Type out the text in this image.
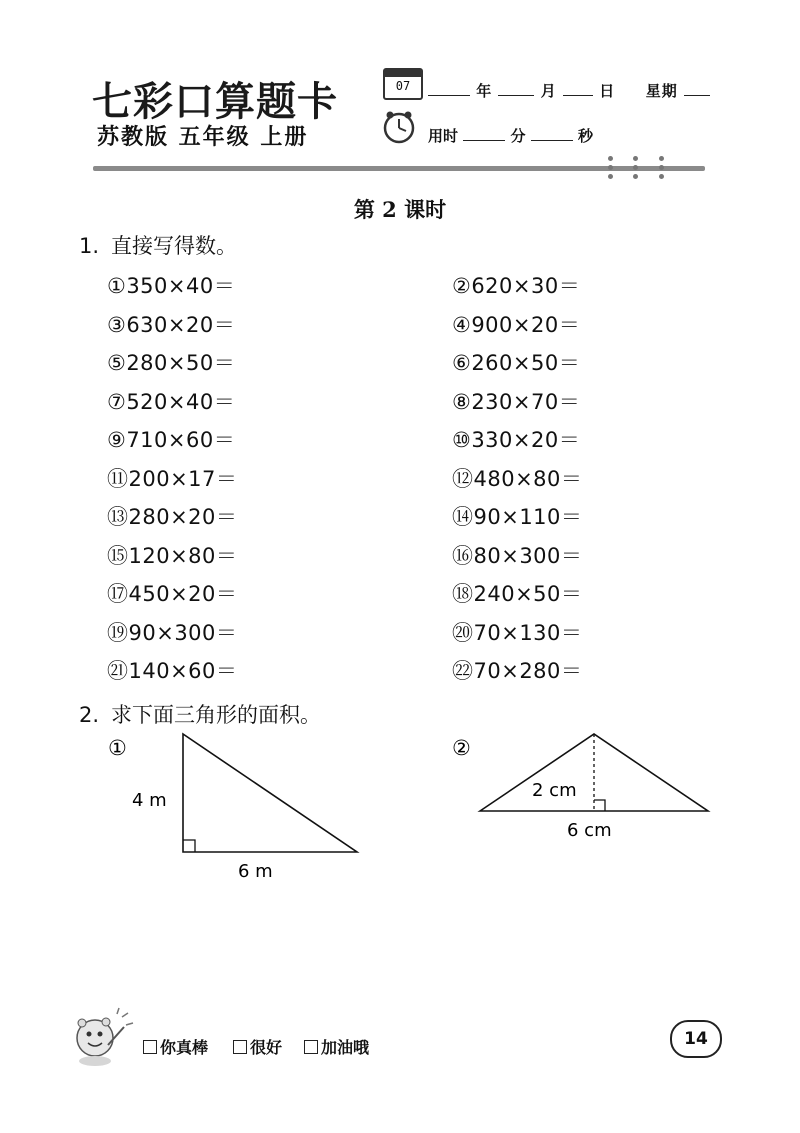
七彩口算题卡
苏教版 五年级 上册
07	年	月	日 星期
用时	分	秒
第 2 课时
1. 直接写得数。
①350×40＝	②620×30＝
③630×20＝	④900×20＝
⑤280×50＝	⑥260×50＝
⑦520×40＝	⑧230×70＝
⑨710×60＝	⑩330×20＝
⑪200×17＝	⑫480×80＝
⑬280×20＝	⑭90×110＝
⑮120×80＝	⑯80×300＝
⑰450×20＝	⑱240×50＝
⑲90×300＝	⑳70×130＝
㉑140×60＝	㉒70×280＝
2. 求下面三角形的面积。
①
4 m
6 m
②
2 cm
6 cm
你真棒	很好	加油哦	14
